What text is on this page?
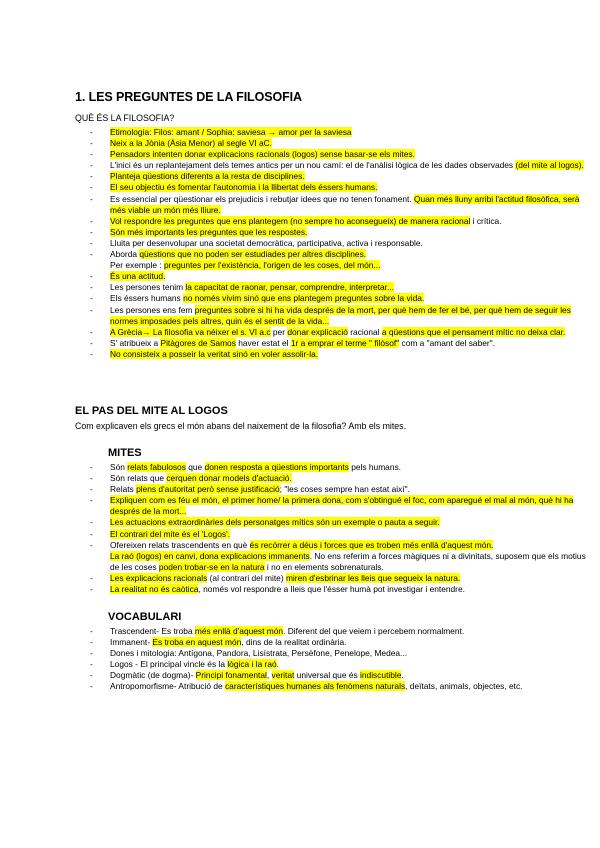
1. LES PREGUNTES DE LA FILOSOFIA
QUÈ ÉS LA FILOSOFIA?
- Etimologia: Filos: amant / Sophia: saviesa → amor per la saviesa
- Neix a la Jònia (Àsia Menor) al segle VI aC.
- Pensadors intenten donar explicacions racionals (logos) sense basar-se els mites.
- L'inici és un replantejament dels temes antics per un nou camí: el de l'anàlisi lògica de les dades observades (del mite al logos).
- Planteja qüestions diferents a la resta de disciplines.
- El seu objectiu és fomentar l'autonomia i la llibertat dels éssers humans.
- Es essencial per qüestionar els prejudicis i rebutjar idees que no tenen fonament. Quan més lluny arribi l'actitud filosòfica, serà més viable un món més lliure.
- Vol respondre les preguntes que ens plantegem (no sempre ho aconsegueix) de manera racional i crítica.
- Són més importants les preguntes que les respostes.
- Lluita per desenvolupar una societat democràtica, participativa, activa i responsable.
- Aborda qüestions que no poden ser estudiades per altres disciplines.
Per exemple : preguntes per l'existència, l'origen de les coses, del món...
- És una actitud.
- Les persones tenim la capacitat de raonar, pensar, comprendre, interpretar...
- Els éssers humans no només vivim sinó que ens plantegem preguntes sobre la vida.
- Les persones ens fem preguntes sobre si hi ha vida després de la mort, per què hem de fer el bé, per què hem de seguir les normes imposades pels altres, quin és el sentit de la vida...
- A Grècia→ La filosofia va néixer el s. VI a.c per donar explicació racional a qüestions que el pensament mític no deixa clar.
- S' atribueix a Pitàgores de Samos haver estat el 1r a emprar el terme " filòsof" com a "amant del saber".
- No consisteix a posseir la veritat sinó en voler assolir-la.
EL PAS DEL MITE AL LOGOS
Com explicaven els grecs el món abans del naixement de la filosofia? Amb els mites.
MITES
- Són relats fabulosos que donen resposta a qüestions importants pels humans.
- Són relats que cerquen donar models d'actuació.
- Relats plens d'autoritat però sense justificació; "les coses sempre han estat així".
- Expliquen com es féu el món, el primer home/ la primera dona, com s'obtingué el foc, com aparegué el mal al món, què hi ha després de la mort...
- Les actuacions extraordinàries dels personatges mítics són un exemple o pauta a seguir.
- El contrari del mite és el 'Logos'.
- Ofereixen relats trascendents en què és recórrer a déus i forces que es troben més enllà d'aquest món.
La raó (logos) en canvi, dona explicacions immanents. No ens referim a forces màgiques ni a divinitats, suposem que els motius de les coses poden trobar-se en la natura i no en elements sobrenaturals.
- Les explicacions racionals (al contrari del mite) miren d'esbrinar les lleis que segueix la natura.
- La realitat no és caòtica, només vol respondre a lleis que l'ésser humà pot investigar i entendre.
VOCABULARI
- Trascendent- Es troba més enllà d'aquest món. Diferent del que veiem i percebem normalment.
- Immanent- Es troba en aquest món, dins de la realitat ordinària.
- Dones i mitologia: Antígona, Pandora, Lisístrata, Persèfone, Penelope, Medea...
- Logos - El principal vincle és la lògica i la raó.
- Dogmàtic (de dogma)- Principi fonamental, veritat universal que és indiscutible.
- Antropomorfisme- Atribució de característiques humanes als fenòmens naturals, deïtats, animals, objectes, etc.
